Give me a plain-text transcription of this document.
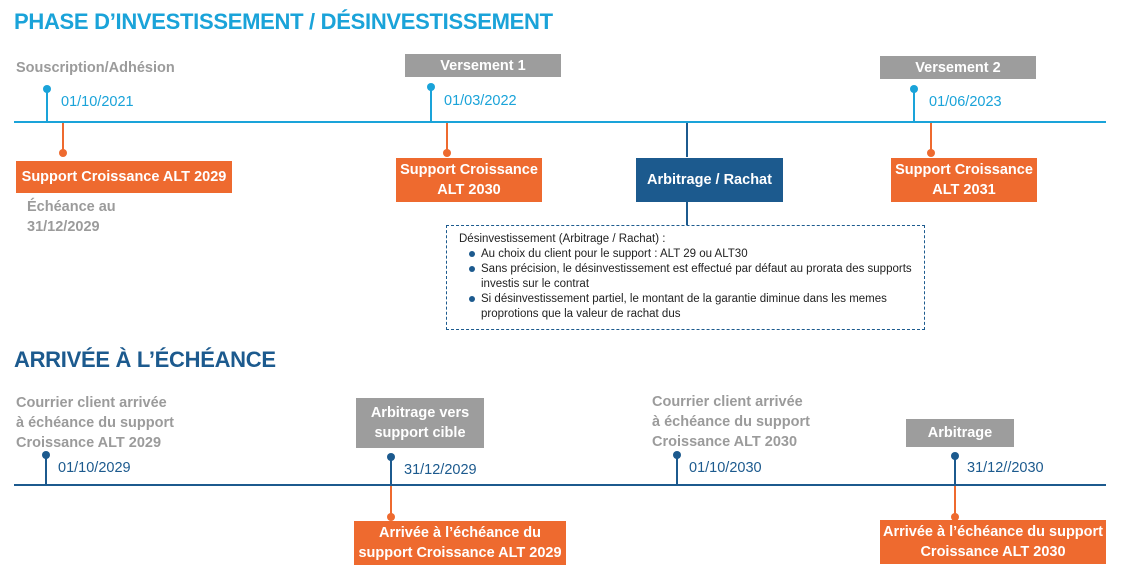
PHASE D’INVESTISSEMENT / DÉSINVESTISSEMENT
Souscription/Adhésion	Versement 1	Versement 2
01/10/2021	01/03/2022	01/06/2023
Support Croissance ALT 2029
Échéance au
31/12/2029
Support Croissance
ALT 2030
Arbitrage / Rachat
Support Croissance
ALT 2031
Désinvestissement (Arbitrage / Rachat) :
Au choix du client pour le support : ALT 29 ou ALT30
Sans précision, le désinvestissement est effectué par défaut au prorata des supports investis sur le contrat
Si désinvestissement partiel, le montant de la garantie diminue dans les memes proprotions que la valeur de rachat dus
ARRIVÉE À L’ÉCHÉANCE
Courrier client arrivée
à échéance du support
Croissance ALT 2029
Arbitrage vers
support cible
Courrier client arrivée
à échéance du support
Croissance ALT 2030
Arbitrage
01/10/2029	31/12/2029	01/10/2030	31/12//2030
Arrivée à l’échéance du
support Croissance ALT 2029
Arrivée à l’échéance du support
Croissance ALT 2030
